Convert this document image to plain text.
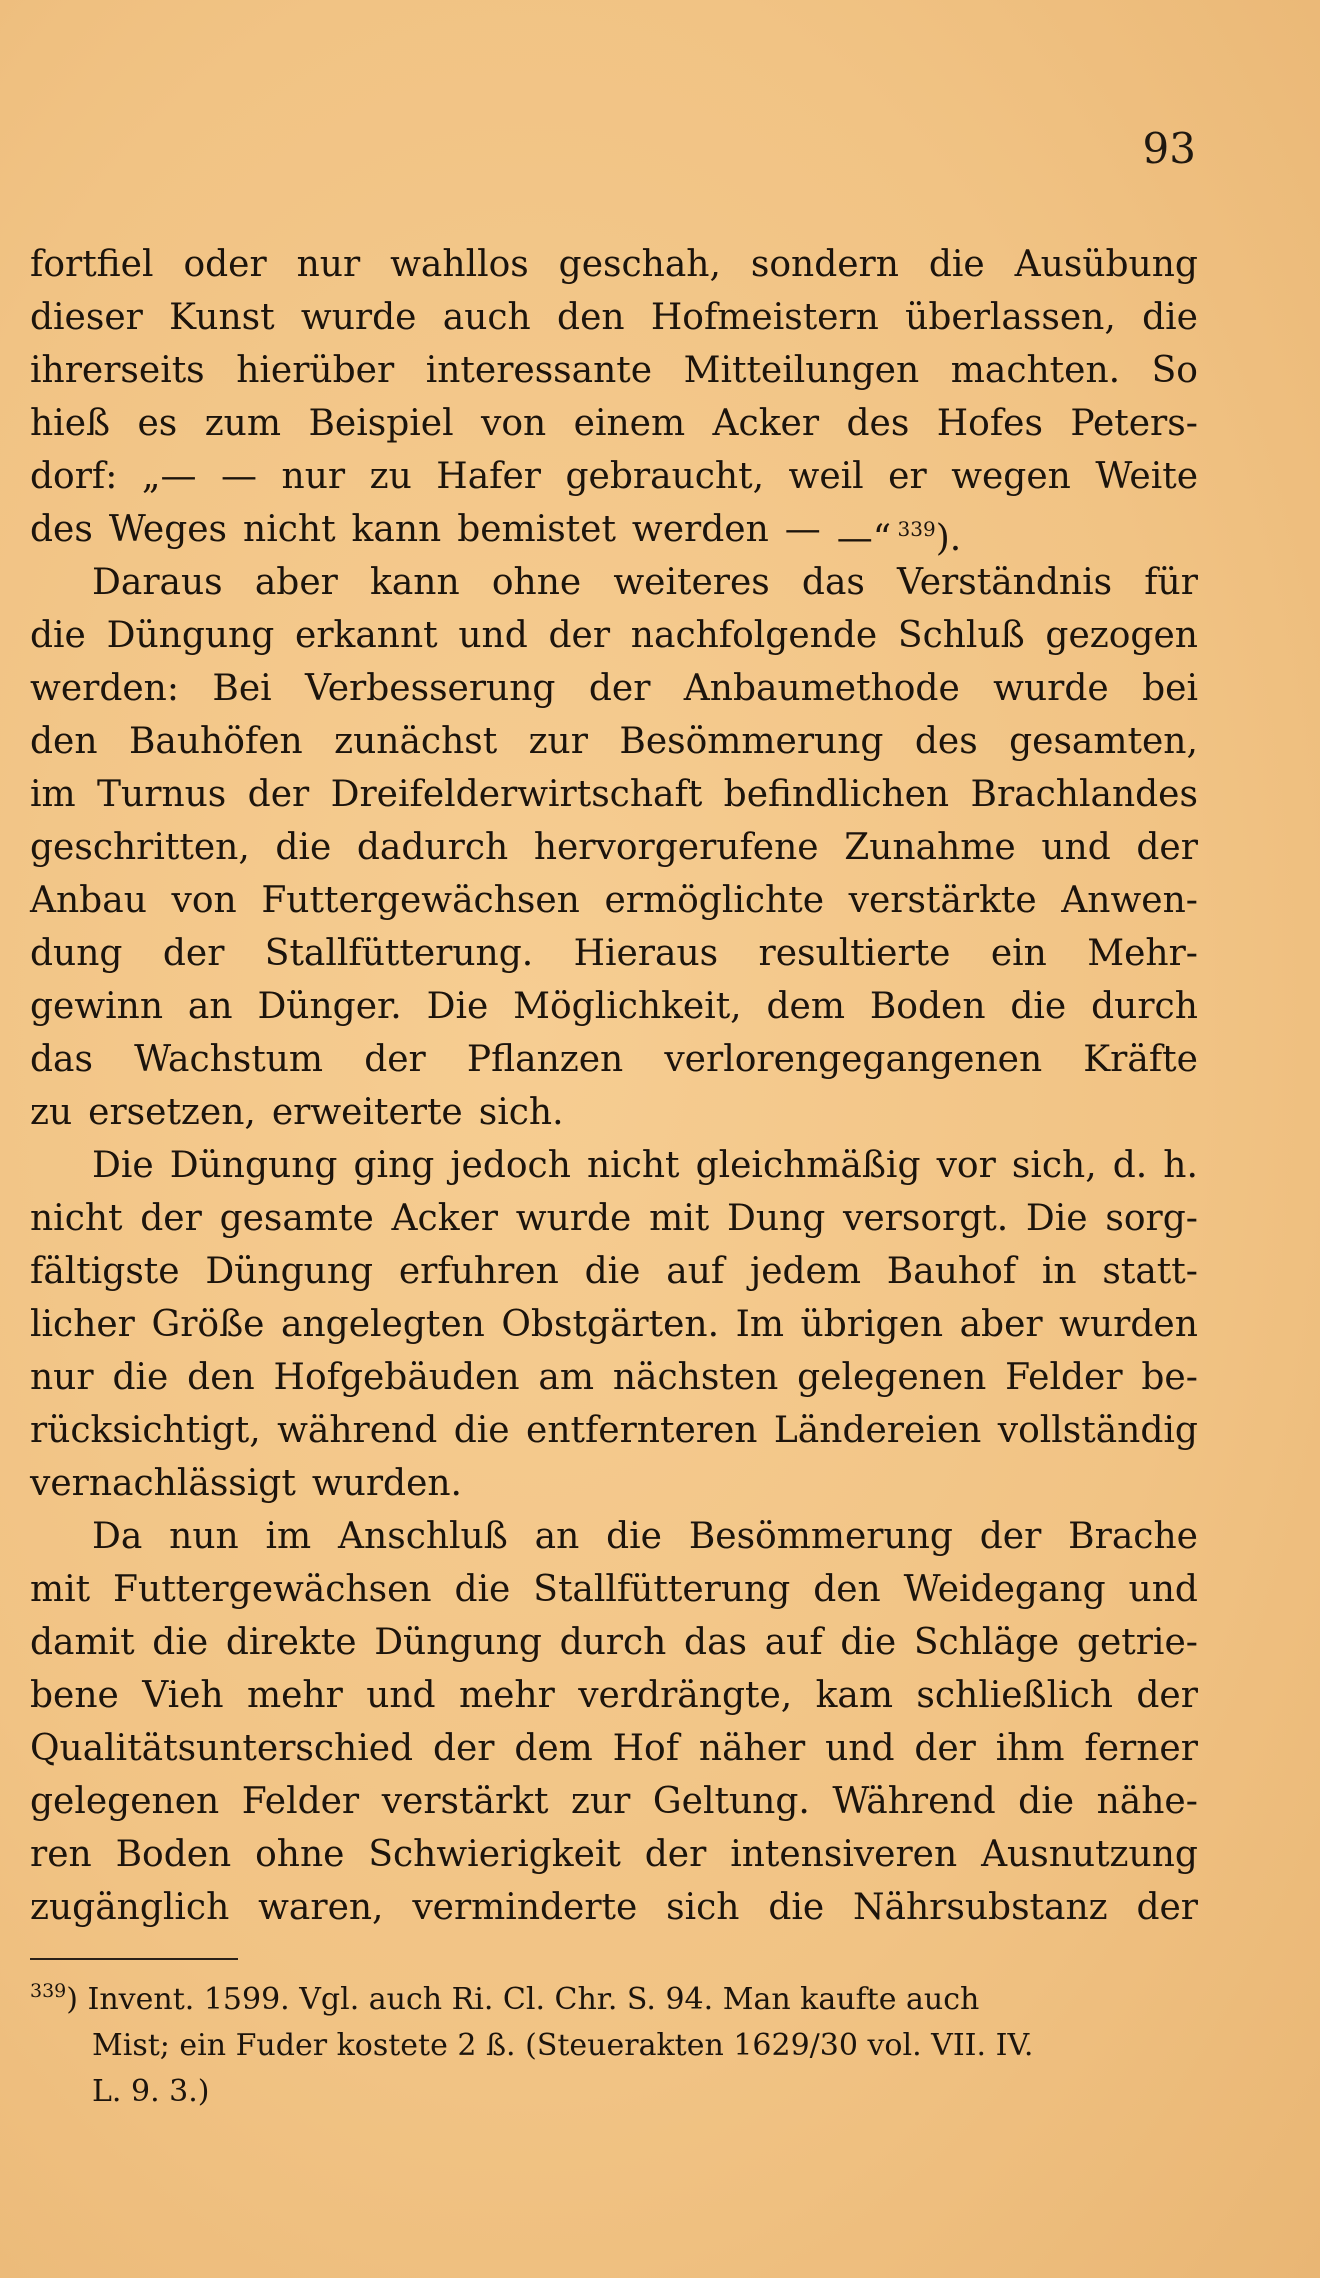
93
fortfiel oder nur wahllos geschah, sondern die Ausübung
dieser Kunst wurde auch den Hofmeistern überlassen, die
ihrerseits hierüber interessante Mitteilungen machten. So
hieß es zum Beispiel von einem Acker des Hofes Peters-
dorf: „— — nur zu Hafer gebraucht, weil er wegen Weite
des Weges nicht kann bemistet werden — —“ $^{339}$).
Daraus aber kann ohne weiteres das Verständnis für
die Düngung erkannt und der nachfolgende Schluß gezogen
werden: Bei Verbesserung der Anbaumethode wurde bei
den Bauhöfen zunächst zur Besömmerung des gesamten,
im Turnus der Dreifelderwirtschaft befindlichen Brachlandes
geschritten, die dadurch hervorgerufene Zunahme und der
Anbau von Futtergewächsen ermöglichte verstärkte Anwen-
dung der Stallfütterung. Hieraus resultierte ein Mehr-
gewinn an Dünger. Die Möglichkeit, dem Boden die durch
das Wachstum der Pflanzen verlorengegangenen Kräfte
zu ersetzen, erweiterte sich.
Die Düngung ging jedoch nicht gleichmäßig vor sich, d. h.
nicht der gesamte Acker wurde mit Dung versorgt. Die sorg-
fältigste Düngung erfuhren die auf jedem Bauhof in statt-
licher Größe angelegten Obstgärten. Im übrigen aber wurden
nur die den Hofgebäuden am nächsten gelegenen Felder be-
rücksichtigt, während die entfernteren Ländereien vollständig
vernachlässigt wurden.
Da nun im Anschluß an die Besömmerung der Brache
mit Futtergewächsen die Stallfütterung den Weidegang und
damit die direkte Düngung durch das auf die Schläge getrie-
bene Vieh mehr und mehr verdrängte, kam schließlich der
Qualitätsunterschied der dem Hof näher und der ihm ferner
gelegenen Felder verstärkt zur Geltung. Während die nähe-
ren Boden ohne Schwierigkeit der intensiveren Ausnutzung
zugänglich waren, verminderte sich die Nährsubstanz der
$^{339}$) Invent. 1599. Vgl. auch Ri. Cl. Chr. S. 94. Man kaufte auch
Mist; ein Fuder kostete 2 ß. (Steuerakten 1629/30 vol. VII. IV.
L. 9. 3.)
